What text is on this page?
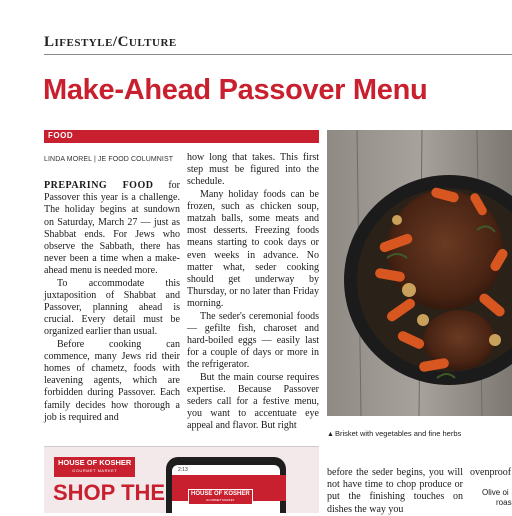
Lifestyle/Culture
Make-Ahead Passover Menu
FOOD
LINDA MOREL | JE FOOD COLUMNIST

PREPARING FOOD for Passover this year is a challenge. The holiday begins at sundown on Saturday, March 27 — just as Shabbat ends. For Jews who observe the Sabbath, there has never been a time when a make-ahead menu is needed more.

To accommodate this juxtaposition of Shabbat and Passover, planning ahead is crucial. Every detail must be organized earlier than usual.

Before cooking can commence, many Jews rid their homes of chametz, foods with leavening agents, which are forbidden during Passover. Each family decides how thorough a job is required and

how long that takes. This first step must be figured into the schedule.

Many holiday foods can be frozen, such as chicken soup, matzah balls, some meats and most desserts. Freezing foods means starting to cook days or even weeks in advance. No matter what, seder cooking should get underway by Thursday, or no later than Friday morning.

The seder's ceremonial foods — gefilte fish, charoset and hard-boiled eggs — easily last for a couple of days or more in the refrigerator.

But the main course requires expertise. Because Passover seders call for a festive menu, you want to accentuate eye appeal and flavor. But right

▲Brisket with vegetables and fine herbs
HOUSE OF KOSHER
GOURMET MARKET
SHOP THE
2:13
HOUSE OF KOSHER
GOURMET MARKET

before the seder begins, you will not have time to chop produce or put the finishing touches on dishes the way you

ovenproof
Olive oi
roas
